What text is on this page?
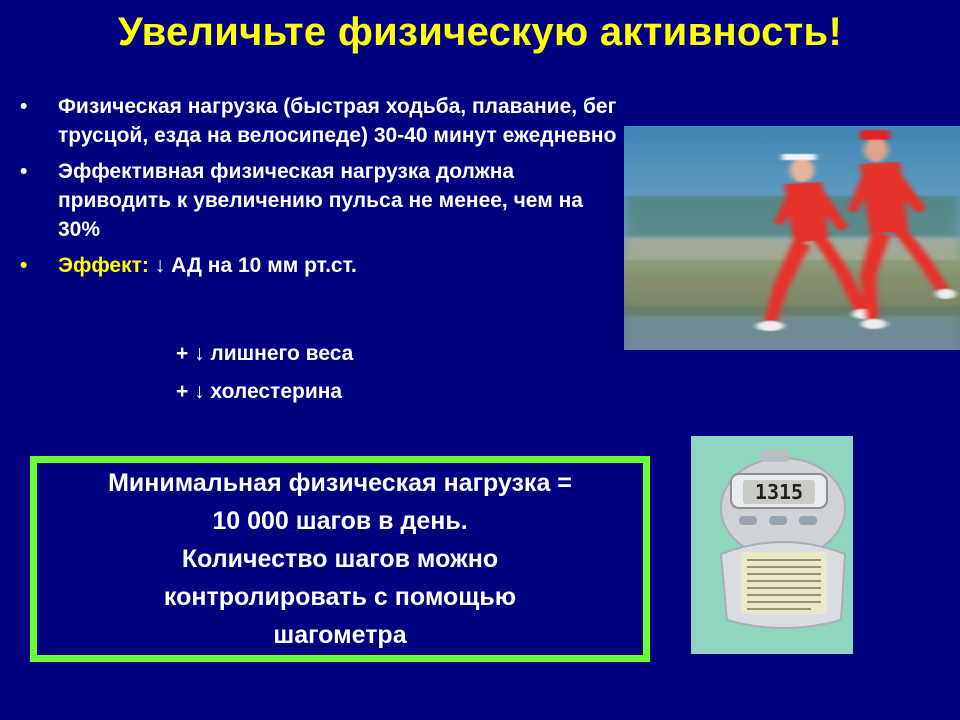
Увеличьте физическую активность!
• Физическая нагрузка (быстрая ходьба, плавание, бег трусцой, езда на велосипеде) 30-40 минут ежедневно
• Эффективная физическая нагрузка должна приводить к увеличению пульса не менее, чем на 30%
• Эффект: ↓ АД на 10 мм рт.ст.
+ ↓ лишнего веса
+ ↓ холестерина
1315
Минимальная физическая нагрузка =
10 000 шагов в день.
Количество шагов можно
контролировать с помощью
шагометра
